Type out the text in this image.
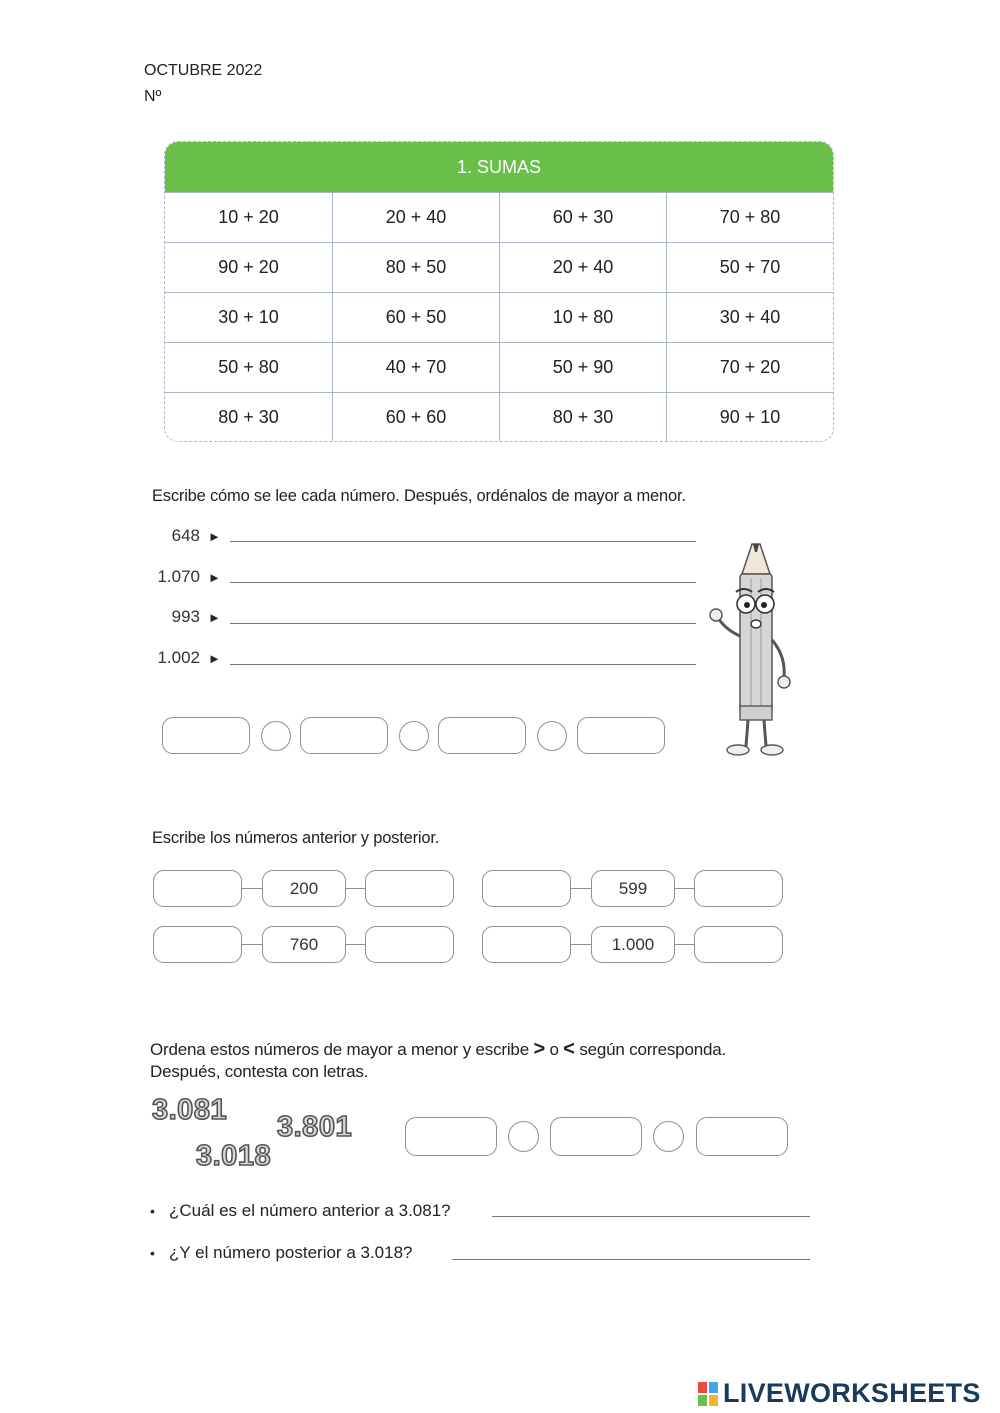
OCTUBRE 2022
Nº
1. SUMAS
10 + 20	20 + 40	60 + 30	70 + 80
90 + 20	80 + 50	20 + 40	50 + 70
30 + 10	60 + 50	10 + 80	30 + 40
50 + 80	40 + 70	50 + 90	70 + 20
80 + 30	60 + 60	80 + 30	90 + 10
Escribe cómo se lee cada número. Después, ordénalos de mayor a menor.
648 ►
1.070 ►
993 ►
1.002 ►
Escribe los números anterior y posterior.
200	599
760	1.000
Ordena estos números de mayor a menor y escribe > o < según corresponda.
Después, contesta con letras.
3.081
3.801
3.018
• ¿Cuál es el número anterior a 3.081?
• ¿Y el número posterior a 3.018?
LIVEWORKSHEETS
